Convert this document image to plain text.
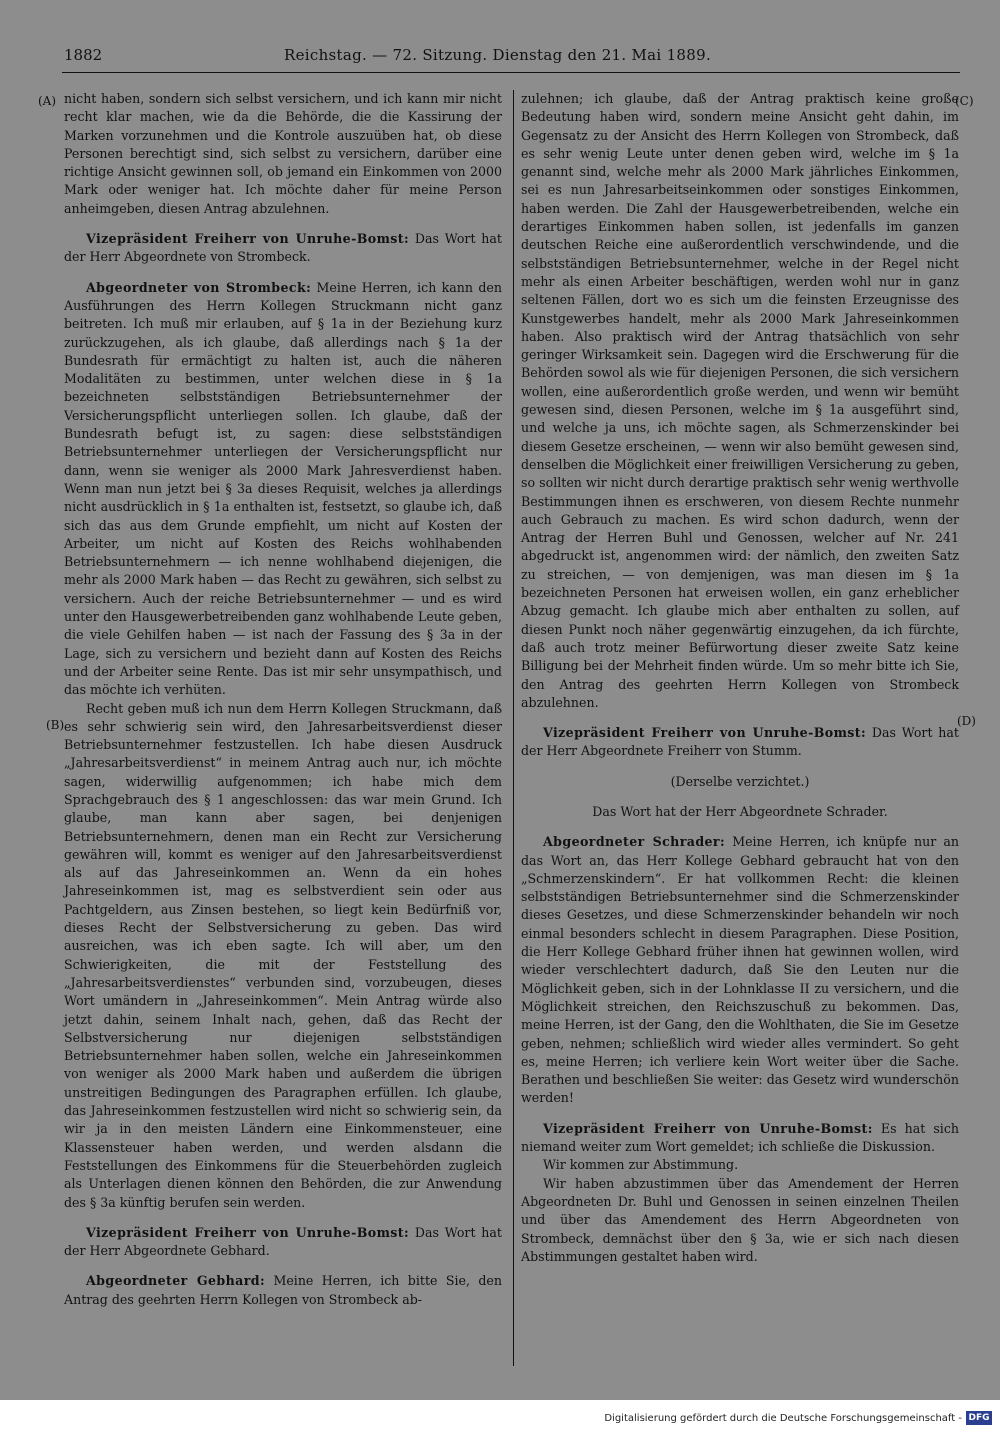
1882	Reichstag. — 72. Sitzung. Dienstag den 21. Mai 1889.
(A)
(B)
(C)
(D)

nicht haben, sondern sich selbst versichern, und ich kann mir nicht recht klar machen, wie da die Behörde, die die Kassirung der Marken vorzunehmen und die Kontrole auszuüben hat, ob diese Personen berechtigt sind, sich selbst zu versichern, darüber eine richtige Ansicht gewinnen soll, ob jemand ein Einkommen von 2000 Mark oder weniger hat. Ich möchte daher für meine Person anheimgeben, diesen Antrag abzulehnen.

Vizepräsident Freiherr von Unruhe-Bomst: Das Wort hat der Herr Abgeordnete von Strombeck.

Abgeordneter von Strombeck: Meine Herren, ich kann den Ausführungen des Herrn Kollegen Struckmann nicht ganz beitreten. Ich muß mir erlauben, auf § 1a in der Beziehung kurz zurückzugehen, als ich glaube, daß allerdings nach § 1a der Bundesrath für ermächtigt zu halten ist, auch die näheren Modalitäten zu bestimmen, unter welchen diese in § 1a bezeichneten selbstständigen Betriebsunternehmer der Versicherungspflicht unterliegen sollen. Ich glaube, daß der Bundesrath befugt ist, zu sagen: diese selbstständigen Betriebsunternehmer unterliegen der Versicherungspflicht nur dann, wenn sie weniger als 2000 Mark Jahresverdienst haben. Wenn man nun jetzt bei § 3a dieses Requisit, welches ja allerdings nicht ausdrücklich in § 1a enthalten ist, festsetzt, so glaube ich, daß sich das aus dem Grunde empfiehlt, um nicht auf Kosten der Arbeiter, um nicht auf Kosten des Reichs wohlhabenden Betriebsunternehmern — ich nenne wohlhabend diejenigen, die mehr als 2000 Mark haben — das Recht zu gewähren, sich selbst zu versichern. Auch der reiche Betriebsunternehmer — und es wird unter den Hausgewerbetreibenden ganz wohlhabende Leute geben, die viele Gehilfen haben — ist nach der Fassung des § 3a in der Lage, sich zu versichern und bezieht dann auf Kosten des Reichs und der Arbeiter seine Rente. Das ist mir sehr unsympathisch, und das möchte ich verhüten.

Recht geben muß ich nun dem Herrn Kollegen Struckmann, daß es sehr schwierig sein wird, den Jahresarbeitsverdienst dieser Betriebsunternehmer festzustellen. Ich habe diesen Ausdruck „Jahresarbeitsverdienst“ in meinem Antrag auch nur, ich möchte sagen, widerwillig aufgenommen; ich habe mich dem Sprachgebrauch des § 1 angeschlossen: das war mein Grund. Ich glaube, man kann aber sagen, bei denjenigen Betriebsunternehmern, denen man ein Recht zur Versicherung gewähren will, kommt es weniger auf den Jahresarbeitsverdienst als auf das Jahreseinkommen an. Wenn da ein hohes Jahreseinkommen ist, mag es selbstverdient sein oder aus Pachtgeldern, aus Zinsen bestehen, so liegt kein Bedürfniß vor, dieses Recht der Selbstversicherung zu geben. Das wird ausreichen, was ich eben sagte. Ich will aber, um den Schwierigkeiten, die mit der Feststellung des „Jahresarbeitsverdienstes“ verbunden sind, vorzubeugen, dieses Wort umändern in „Jahreseinkommen“. Mein Antrag würde also jetzt dahin, seinem Inhalt nach, gehen, daß das Recht der Selbstversicherung nur diejenigen selbstständigen Betriebsunternehmer haben sollen, welche ein Jahreseinkommen von weniger als 2000 Mark haben und außerdem die übrigen unstreitigen Bedingungen des Paragraphen erfüllen. Ich glaube, das Jahreseinkommen festzustellen wird nicht so schwierig sein, da wir ja in den meisten Ländern eine Einkommensteuer, eine Klassensteuer haben werden, und werden alsdann die Feststellungen des Einkommens für die Steuerbehörden zugleich als Unterlagen dienen können den Behörden, die zur Anwendung des § 3a künftig berufen sein werden.

Vizepräsident Freiherr von Unruhe-Bomst: Das Wort hat der Herr Abgeordnete Gebhard.

Abgeordneter Gebhard: Meine Herren, ich bitte Sie, den Antrag des geehrten Herrn Kollegen von Strombeck ab-

zulehnen; ich glaube, daß der Antrag praktisch keine große Bedeutung haben wird, sondern meine Ansicht geht dahin, im Gegensatz zu der Ansicht des Herrn Kollegen von Strombeck, daß es sehr wenig Leute unter denen geben wird, welche im § 1a genannt sind, welche mehr als 2000 Mark jährliches Einkommen, sei es nun Jahresarbeitseinkommen oder sonstiges Einkommen, haben werden. Die Zahl der Hausgewerbetreibenden, welche ein derartiges Einkommen haben sollen, ist jedenfalls im ganzen deutschen Reiche eine außerordentlich verschwindende, und die selbstständigen Betriebsunternehmer, welche in der Regel nicht mehr als einen Arbeiter beschäftigen, werden wohl nur in ganz seltenen Fällen, dort wo es sich um die feinsten Erzeugnisse des Kunstgewerbes handelt, mehr als 2000 Mark Jahreseinkommen haben. Also praktisch wird der Antrag thatsächlich von sehr geringer Wirksamkeit sein. Dagegen wird die Erschwerung für die Behörden sowol als wie für diejenigen Personen, die sich versichern wollen, eine außerordentlich große werden, und wenn wir bemüht gewesen sind, diesen Personen, welche im § 1a ausgeführt sind, und welche ja uns, ich möchte sagen, als Schmerzenskinder bei diesem Gesetze erscheinen, — wenn wir also bemüht gewesen sind, denselben die Möglichkeit einer freiwilligen Versicherung zu geben, so sollten wir nicht durch derartige praktisch sehr wenig werthvolle Bestimmungen ihnen es erschweren, von diesem Rechte nunmehr auch Gebrauch zu machen. Es wird schon dadurch, wenn der Antrag der Herren Buhl und Genossen, welcher auf Nr. 241 abgedruckt ist, angenommen wird: der nämlich, den zweiten Satz zu streichen, — von demjenigen, was man diesen im § 1a bezeichneten Personen hat erweisen wollen, ein ganz erheblicher Abzug gemacht. Ich glaube mich aber enthalten zu sollen, auf diesen Punkt noch näher gegenwärtig einzugehen, da ich fürchte, daß auch trotz meiner Befürwortung dieser zweite Satz keine Billigung bei der Mehrheit finden würde. Um so mehr bitte ich Sie, den Antrag des geehrten Herrn Kollegen von Strombeck abzulehnen.

Vizepräsident Freiherr von Unruhe-Bomst: Das Wort hat der Herr Abgeordnete Freiherr von Stumm.

(Derselbe verzichtet.)

Das Wort hat der Herr Abgeordnete Schrader.

Abgeordneter Schrader: Meine Herren, ich knüpfe nur an das Wort an, das Herr Kollege Gebhard gebraucht hat von den „Schmerzenskindern“. Er hat vollkommen Recht: die kleinen selbstständigen Betriebsunternehmer sind die Schmerzenskinder dieses Gesetzes, und diese Schmerzenskinder behandeln wir noch einmal besonders schlecht in diesem Paragraphen. Diese Position, die Herr Kollege Gebhard früher ihnen hat gewinnen wollen, wird wieder verschlechtert dadurch, daß Sie den Leuten nur die Möglichkeit geben, sich in der Lohnklasse II zu versichern, und die Möglichkeit streichen, den Reichszuschuß zu bekommen. Das, meine Herren, ist der Gang, den die Wohlthaten, die Sie im Gesetze geben, nehmen; schließlich wird wieder alles vermindert. So geht es, meine Herren; ich verliere kein Wort weiter über die Sache. Berathen und beschließen Sie weiter: das Gesetz wird wunderschön werden!

Vizepräsident Freiherr von Unruhe-Bomst: Es hat sich niemand weiter zum Wort gemeldet; ich schließe die Diskussion.

Wir kommen zur Abstimmung.

Wir haben abzustimmen über das Amendement der Herren Abgeordneten Dr. Buhl und Genossen in seinen einzelnen Theilen und über das Amendement des Herrn Abgeordneten von Strombeck, demnächst über den § 3a, wie er sich nach diesen Abstimmungen gestaltet haben wird.

Digitalisierung gefördert durch die Deutsche Forschungsgemeinschaft - DFG
